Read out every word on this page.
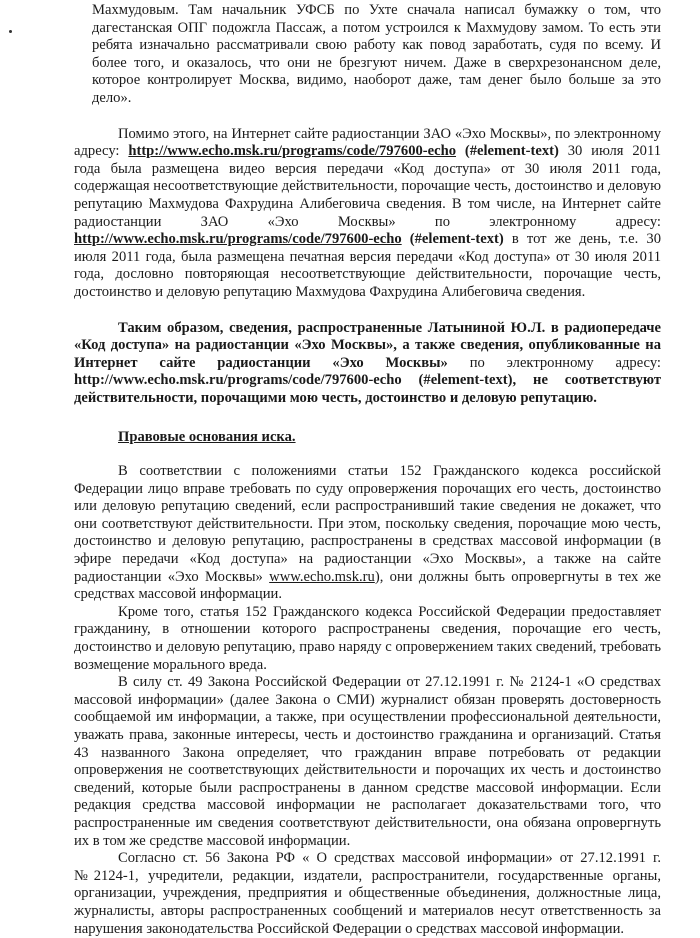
Махмудовым. Там начальник УФСБ по Ухте сначала написал бумажку о том, что дагестанская ОПГ подожгла Пассаж, а потом устроился к Махмудову замом. То есть эти ребята изначально рассматривали свою работу как повод заработать, судя по всему. И более того, и оказалось, что они не брезгуют ничем. Даже в сверхрезонансном деле, которое контролирует Москва, видимо, наоборот даже, там денег было больше за это дело».

Помимо этого, на Интернет сайте радиостанции ЗАО «Эхо Москвы», по электронному адресу: http://www.echo.msk.ru/programs/code/797600-echo (#element-text) 30 июля 2011 года была размещена видео версия передачи «Код доступа» от 30 июля 2011 года, содержащая несоответствующие действительности, порочащие честь, достоинство и деловую репутацию Махмудова Фахрудина Алибеговича сведения. В том числе, на Интернет сайте радиостанции ЗАО «Эхо Москвы» по электронному адресу: http://www.echo.msk.ru/programs/code/797600-echo (#element-text) в тот же день, т.е. 30 июля 2011 года, была размещена печатная версия передачи «Код доступа» от 30 июля 2011 года, дословно повторяющая несоответствующие действительности, порочащие честь, достоинство и деловую репутацию Махмудова Фахрудина Алибеговича сведения.

Таким образом, сведения, распространенные Латыниной Ю.Л. в радиопередаче «Код доступа» на радиостанции «Эхо Москвы», а также сведения, опубликованные на Интернет сайте радиостанции «Эхо Москвы» по электронному адресу: http://www.echo.msk.ru/programs/code/797600-echo (#element-text), не соответствуют действительности, порочащими мою честь, достоинство и деловую репутацию.

Правовые основания иска.

В соответствии с положениями статьи 152 Гражданского кодекса российской Федерации лицо вправе требовать по суду опровержения порочащих его честь, достоинство или деловую репутацию сведений, если распространивший такие сведения не докажет, что они соответствуют действительности. При этом, поскольку сведения, порочащие мою честь, достоинство и деловую репутацию, распространены в средствах массовой информации (в эфире передачи «Код доступа» на радиостанции «Эхо Москвы», а также на сайте радиостанции «Эхо Москвы» www.echo.msk.ru), они должны быть опровергнуты в тех же средствах массовой информации.

Кроме того, статья 152 Гражданского кодекса Российской Федерации предоставляет гражданину, в отношении которого распространены сведения, порочащие его честь, достоинство и деловую репутацию, право наряду с опровержением таких сведений, требовать возмещение морального вреда.

В силу ст. 49 Закона Российской Федерации от 27.12.1991 г. № 2124-1 «О средствах массовой информации» (далее Закона о СМИ) журналист обязан проверять достоверность сообщаемой им информации, а также, при осуществлении профессиональной деятельности, уважать права, законные интересы, честь и достоинство гражданина и организаций. Статья 43 названного Закона определяет, что гражданин вправе потребовать от редакции опровержения не соответствующих действительности и порочащих их честь и достоинство сведений, которые были распространены в данном средстве массовой информации. Если редакция средства массовой информации не располагает доказательствами того, что распространенные им сведения соответствуют действительности, она обязана опровергнуть их в том же средстве массовой информации.

Согласно ст. 56 Закона РФ « О средствах массовой информации» от 27.12.1991 г. №2124-1, учредители, редакции, издатели, распространители, государственные органы, организации, учреждения, предприятия и общественные объединения, должностные лица, журналисты, авторы распространенных сообщений и материалов несут ответственность за нарушения законодательства Российской Федерации о средствах массовой информации.
